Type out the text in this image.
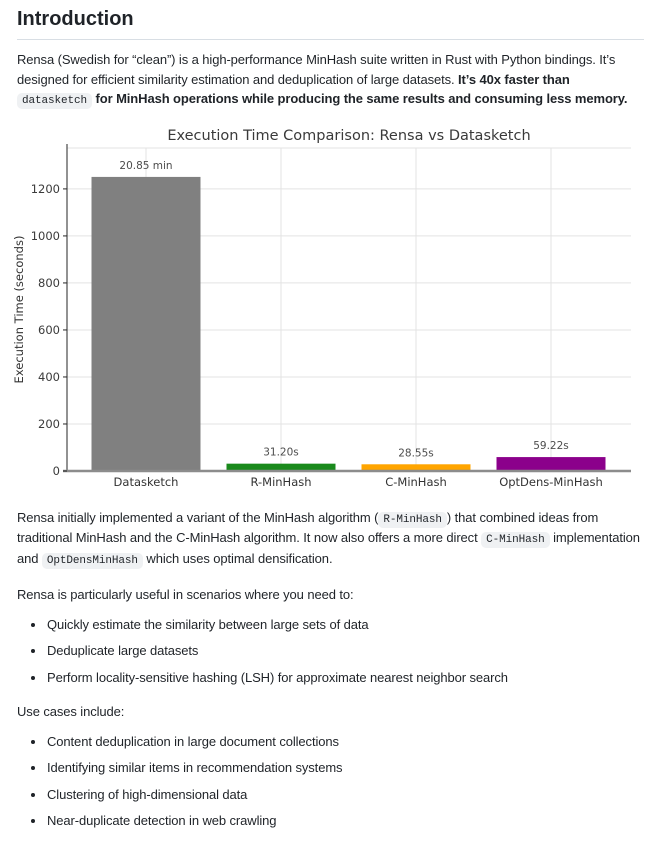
Introduction

Rensa (Swedish for “clean”) is a high-performance MinHash suite written in Rust with Python bindings. It’s designed for efficient similarity estimation and deduplication of large datasets. It’s 40x faster than datasketch for MinHash operations while producing the same results and consuming less memory.

20.85 min
31.20s	28.55s
59.22s
0
200
400
600
800
1000
1200
Datasketch	R-MinHash	C-MinHash	OptDens-MinHash
Execution Time Comparison: Rensa vs Datasketch
Execution Time (seconds)

Rensa initially implemented a variant of the MinHash algorithm ( R-MinHash ) that combined ideas from traditional MinHash and the C-MinHash algorithm. It now also offers a more direct C-MinHash implementation and OptDensMinHash which uses optimal densification.

Rensa is particularly useful in scenarios where you need to:

• Quickly estimate the similarity between large sets of data
• Deduplicate large datasets
• Perform locality-sensitive hashing (LSH) for approximate nearest neighbor search

Use cases include:

• Content deduplication in large document collections
• Identifying similar items in recommendation systems
• Clustering of high-dimensional data
• Near-duplicate detection in web crawling
